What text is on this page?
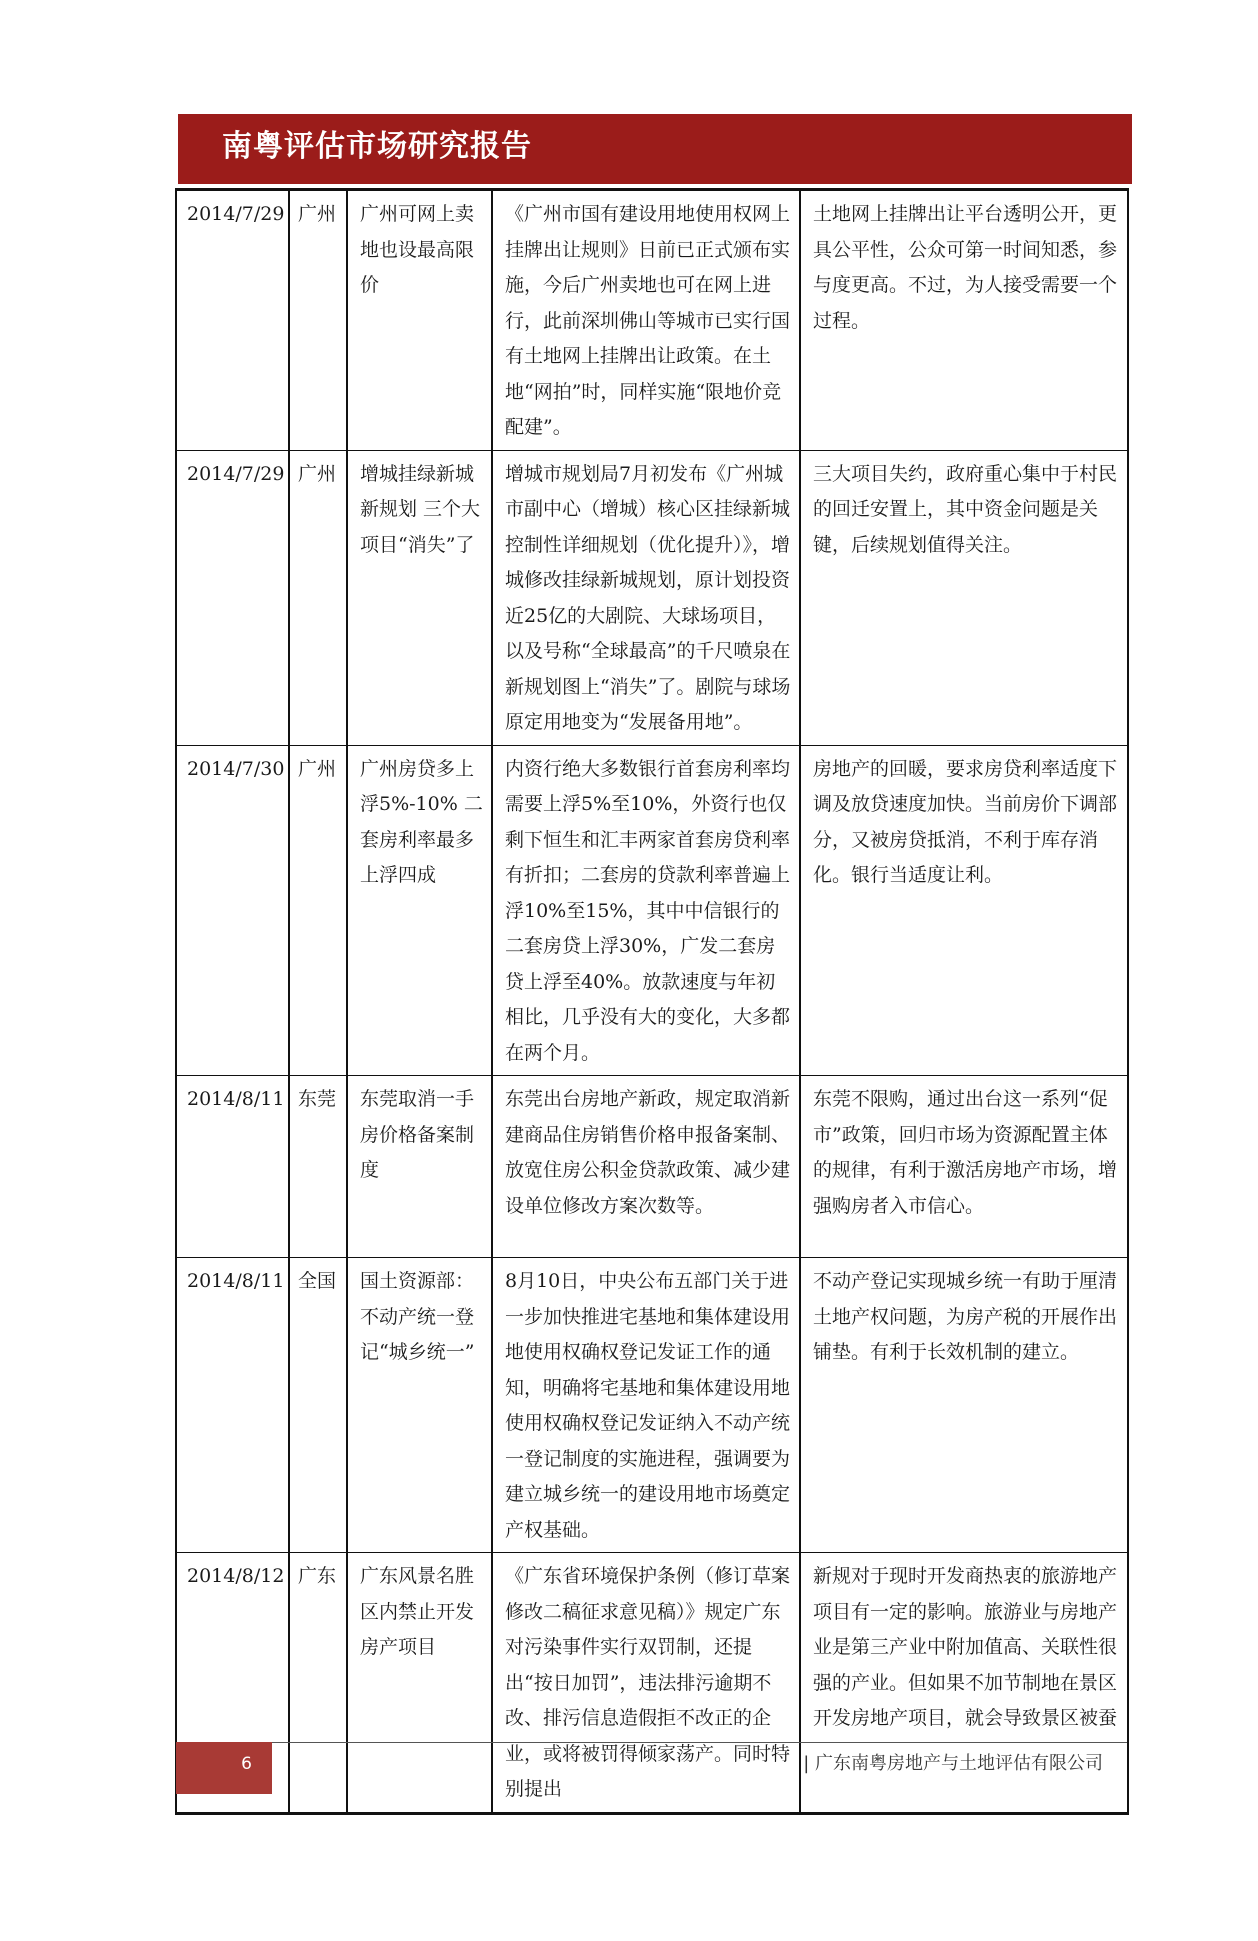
南粤评估市场研究报告
2014/7/29	广州	广州可网上卖地也设最高限价	《广州市国有建设用地使用权网上挂牌出让规则》日前已正式颁布实施，今后广州卖地也可在网上进行，此前深圳佛山等城市已实行国有土地网上挂牌出让政策。在土地“网拍”时，同样实施“限地价竞配建”。	土地网上挂牌出让平台透明公开，更具公平性，公众可第一时间知悉，参与度更高。不过，为人接受需要一个过程。
2014/7/29	广州	增城挂绿新城新规划 三个大项目“消失”了	增城市规划局7月初发布《广州城市副中心（增城）核心区挂绿新城控制性详细规划（优化提升）》，增城修改挂绿新城规划，原计划投资近25亿的大剧院、大球场项目，以及号称“全球最高”的千尺喷泉在新规划图上“消失”了。剧院与球场原定用地变为“发展备用地”。	三大项目失约，政府重心集中于村民的回迁安置上，其中资金问题是关键，后续规划值得关注。
2014/7/30	广州	广州房贷多上浮5%-10% 二套房利率最多上浮四成	内资行绝大多数银行首套房利率均需要上浮5%至10%，外资行也仅剩下恒生和汇丰两家首套房贷利率有折扣；二套房的贷款利率普遍上浮10%至15%，其中中信银行的二套房贷上浮30%，广发二套房贷上浮至40%。放款速度与年初相比，几乎没有大的变化，大多都在两个月。	房地产的回暖，要求房贷利率适度下调及放贷速度加快。当前房价下调部分，又被房贷抵消，不利于库存消化。银行当适度让利。
2014/8/11	东莞	东莞取消一手房价格备案制度	东莞出台房地产新政，规定取消新建商品住房销售价格申报备案制、放宽住房公积金贷款政策、减少建设单位修改方案次数等。	东莞不限购，通过出台这一系列“促市”政策，回归市场为资源配置主体的规律，有利于激活房地产市场，增强购房者入市信心。
2014/8/11	全国	国土资源部：不动产统一登记“城乡统一”	8月10日，中央公布五部门关于进一步加快推进宅基地和集体建设用地使用权确权登记发证工作的通知，明确将宅基地和集体建设用地使用权确权登记发证纳入不动产统一登记制度的实施进程，强调要为建立城乡统一的建设用地市场奠定产权基础。	不动产登记实现城乡统一有助于厘清土地产权问题，为房产税的开展作出铺垫。有利于长效机制的建立。
2014/8/12	广东	广东风景名胜区内禁止开发房产项目	《广东省环境保护条例（修订草案修改二稿征求意见稿）》规定广东对污染事件实行双罚制，还提出“按日加罚”，违法排污逾期不改、排污信息造假拒不改正的企业，或将被罚得倾家荡产。同时特别提出	新规对于现时开发商热衷的旅游地产项目有一定的影响。旅游业与房地产业是第三产业中附加值高、关联性很强的产业。但如果不加节制地在景区开发房地产项目，就会导致景区被蚕
6	| 广东南粤房地产与土地评估有限公司
